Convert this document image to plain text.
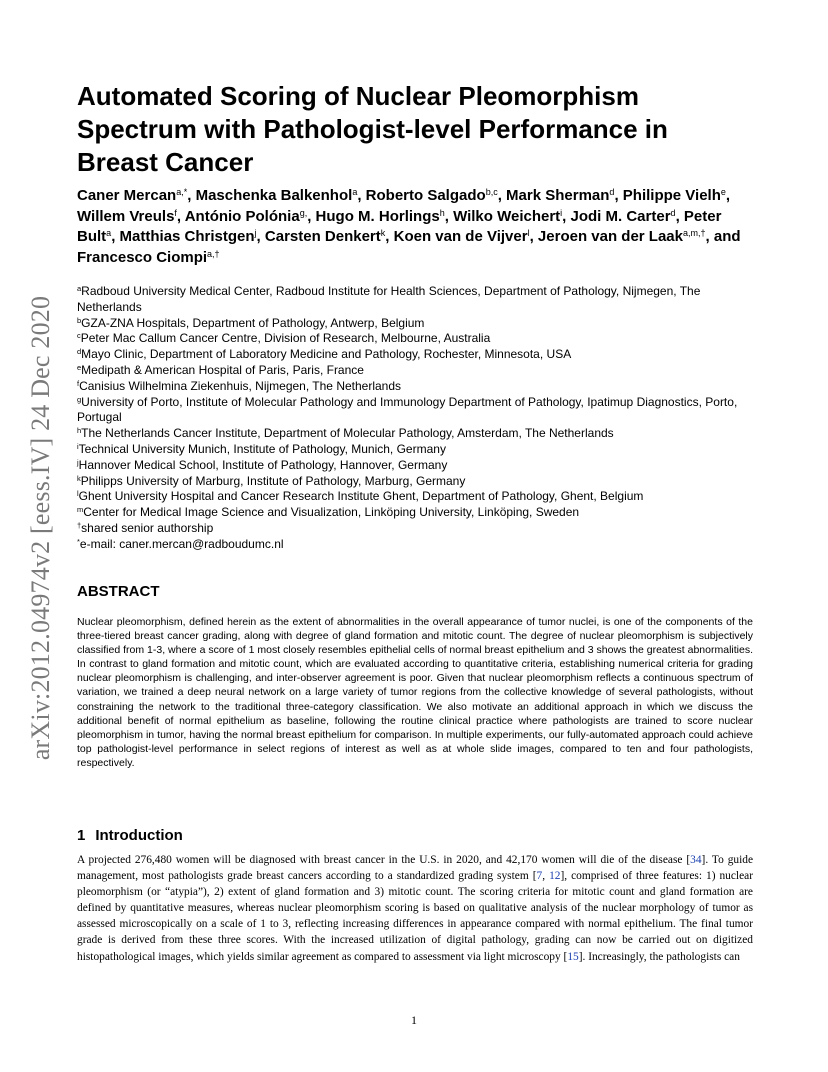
arXiv:2012.04974v2 [eess.IV] 24 Dec 2020
Automated Scoring of Nuclear Pleomorphism Spectrum with Pathologist-level Performance in Breast Cancer

Caner Mercan$^{a,*}$, Maschenka Balkenhol$^a$, Roberto Salgado$^{b,c}$, Mark Sherman$^d$, Philippe Vielh$^e$, Willem Vreuls$^f$, António Polónia$^{g,}$, Hugo M. Horlings$^h$, Wilko Weichert$^i$, Jodi M. Carter$^d$, Peter Bult$^a$, Matthias Christgen$^j$, Carsten Denkert$^k$, Koen van de Vijver$^l$, Jeroen van der Laak$^{a,m,\dagger}$, and Francesco Ciompi$^{a,\dagger}$

$^a$Radboud University Medical Center, Radboud Institute for Health Sciences, Department of Pathology, Nijmegen, The Netherlands
$^b$GZA-ZNA Hospitals, Department of Pathology, Antwerp, Belgium
$^c$Peter Mac Callum Cancer Centre, Division of Research, Melbourne, Australia
$^d$Mayo Clinic, Department of Laboratory Medicine and Pathology, Rochester, Minnesota, USA
$^e$Medipath & American Hospital of Paris, Paris, France
$^f$Canisius Wilhelmina Ziekenhuis, Nijmegen, The Netherlands
$^g$University of Porto, Institute of Molecular Pathology and Immunology Department of Pathology, Ipatimup Diagnostics, Porto, Portugal
$^h$The Netherlands Cancer Institute, Department of Molecular Pathology, Amsterdam, The Netherlands
$^i$Technical University Munich, Institute of Pathology, Munich, Germany
$^j$Hannover Medical School, Institute of Pathology, Hannover, Germany
$^k$Philipps University of Marburg, Institute of Pathology, Marburg, Germany
$^l$Ghent University Hospital and Cancer Research Institute Ghent, Department of Pathology, Ghent, Belgium
$^m$Center for Medical Image Science and Visualization, Linköping University, Linköping, Sweden
†shared senior authorship
*e-mail: caner.mercan@radboudumc.nl
ABSTRACT

Nuclear pleomorphism, defined herein as the extent of abnormalities in the overall appearance of tumor nuclei, is one of the components of the three-tiered breast cancer grading, along with degree of gland formation and mitotic count. The degree of nuclear pleomorphism is subjectively classified from 1-3, where a score of 1 most closely resembles epithelial cells of normal breast epithelium and 3 shows the greatest abnormalities. In contrast to gland formation and mitotic count, which are evaluated according to quantitative criteria, establishing numerical criteria for grading nuclear pleomorphism is challenging, and inter-observer agreement is poor. Given that nuclear pleomorphism reflects a continuous spectrum of variation, we trained a deep neural network on a large variety of tumor regions from the collective knowledge of several pathologists, without constraining the network to the traditional three-category classification. We also motivate an additional approach in which we discuss the additional benefit of normal epithelium as baseline, following the routine clinical practice where pathologists are trained to score nuclear pleomorphism in tumor, having the normal breast epithelium for comparison. In multiple experiments, our fully-automated approach could achieve top pathologist-level performance in select regions of interest as well as at whole slide images, compared to ten and four pathologists, respectively.

1 Introduction

A projected 276,480 women will be diagnosed with breast cancer in the U.S. in 2020, and 42,170 women will die of the disease [34]. To guide management, most pathologists grade breast cancers according to a standardized grading system [7, 12], comprised of three features: 1) nuclear pleomorphism (or “atypia”), 2) extent of gland formation and 3) mitotic count. The scoring criteria for mitotic count and gland formation are defined by quantitative measures, whereas nuclear pleomorphism scoring is based on qualitative analysis of the nuclear morphology of tumor as assessed microscopically on a scale of 1 to 3, reflecting increasing differences in appearance compared with normal epithelium. The final tumor grade is derived from these three scores. With the increased utilization of digital pathology, grading can now be carried out on digitized histopathological images, which yields similar agreement as compared to assessment via light microscopy [15]. Increasingly, the pathologists can

1
